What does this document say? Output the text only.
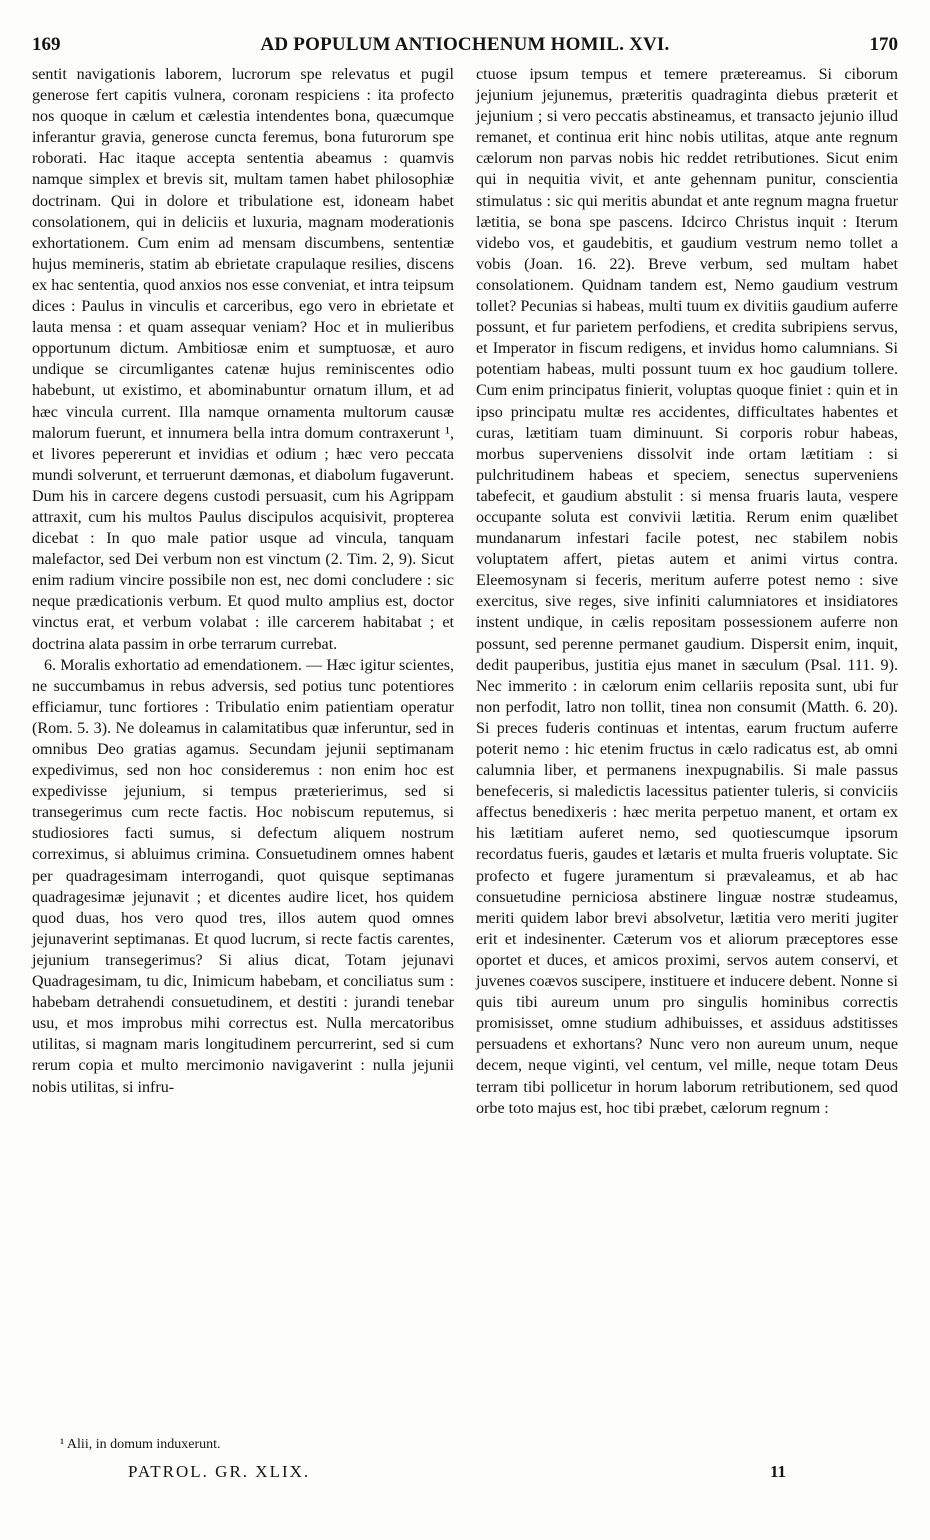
169	AD POPULUM ANTIOCHENUM HOMIL. XVI.	170

sentit navigationis laborem, lucrorum spe relevatus et pugil generose fert capitis vulnera, coronam respiciens : ita profecto nos quoque in cælum et cælestia intendentes bona, quæcumque inferantur gravia, generose cuncta feremus, bona futurorum spe roborati. Hac itaque accepta sententia abeamus : quamvis namque simplex et brevis sit, multam tamen habet philosophiæ doctrinam. Qui in dolore et tribulatione est, idoneam habet consolationem, qui in deliciis et luxuria, magnam moderationis exhortationem. Cum enim ad mensam discumbens, sententiæ hujus memineris, statim ab ebrietate crapulaque resilies, discens ex hac sententia, quod anxios nos esse conveniat, et intra teipsum dices : Paulus in vinculis et carceribus, ego vero in ebrietate et lauta mensa : et quam assequar veniam? Hoc et in mulieribus opportunum dictum. Ambitiosæ enim et sumptuosæ, et auro undique se circumligantes catenæ hujus reminiscentes odio habebunt, ut existimo, et abominabuntur ornatum illum, et ad hæc vincula current. Illa namque ornamenta multorum causæ malorum fuerunt, et innumera bella intra domum contraxerunt ¹, et livores pepererunt et invidias et odium ; hæc vero peccata mundi solverunt, et terruerunt dæmonas, et diabolum fugaverunt. Dum his in carcere degens custodi persuasit, cum his Agrippam attraxit, cum his multos Paulus discipulos acquisivit, propterea dicebat : In quo male patior usque ad vincula, tanquam malefactor, sed Dei verbum non est vinctum (2. Tim. 2, 9). Sicut enim radium vincire possibile non est, nec domi concludere : sic neque prædicationis verbum. Et quod multo amplius est, doctor vinctus erat, et verbum volabat : ille carcerem habitabat ; et doctrina alata passim in orbe terrarum currebat.

6. Moralis exhortatio ad emendationem. — Hæc igitur scientes, ne succumbamus in rebus adversis, sed potius tunc potentiores efficiamur, tunc fortiores : Tribulatio enim patientiam operatur (Rom. 5. 3). Ne doleamus in calamitatibus quæ inferuntur, sed in omnibus Deo gratias agamus. Secundam jejunii septimanam expedivimus, sed non hoc consideremus : non enim hoc est expedivisse jejunium, si tempus præterierimus, sed si transegerimus cum recte factis. Hoc nobiscum reputemus, si studiosiores facti sumus, si defectum aliquem nostrum correximus, si abluimus crimina. Consuetudinem omnes habent per quadragesimam interrogandi, quot quisque septimanas quadragesimæ jejunavit ; et dicentes audire licet, hos quidem quod duas, hos vero quod tres, illos autem quod omnes jejunaverint septimanas. Et quod lucrum, si recte factis carentes, jejunium transegerimus? Si alius dicat, Totam jejunavi Quadragesimam, tu dic, Inimicum habebam, et conciliatus sum : habebam detrahendi consuetudinem, et destiti : jurandi tenebar usu, et mos improbus mihi correctus est. Nulla mercatoribus utilitas, si magnam maris longitudinem percurrerint, sed si cum rerum copia et multo mercimonio navigaverint : nulla jejunii nobis utilitas, si infru-

ctuose ipsum tempus et temere prætereamus. Si ciborum jejunium jejunemus, præteritis quadraginta diebus præterit et jejunium ; si vero peccatis abstineamus, et transacto jejunio illud remanet, et continua erit hinc nobis utilitas, atque ante regnum cælorum non parvas nobis hic reddet retributiones. Sicut enim qui in nequitia vivit, et ante gehennam punitur, conscientia stimulatus : sic qui meritis abundat et ante regnum magna fruetur lætitia, se bona spe pascens. Idcirco Christus inquit : Iterum videbo vos, et gaudebitis, et gaudium vestrum nemo tollet a vobis (Joan. 16. 22). Breve verbum, sed multam habet consolationem. Quidnam tandem est, Nemo gaudium vestrum tollet? Pecunias si habeas, multi tuum ex divitiis gaudium auferre possunt, et fur parietem perfodiens, et credita subripiens servus, et Imperator in fiscum redigens, et invidus homo calumnians. Si potentiam habeas, multi possunt tuum ex hoc gaudium tollere. Cum enim principatus finierit, voluptas quoque finiet : quin et in ipso principatu multæ res accidentes, difficultates habentes et curas, lætitiam tuam diminuunt. Si corporis robur habeas, morbus superveniens dissolvit inde ortam lætitiam : si pulchritudinem habeas et speciem, senectus superveniens tabefecit, et gaudium abstulit : si mensa fruaris lauta, vespere occupante soluta est convivii lætitia. Rerum enim quælibet mundanarum infestari facile potest, nec stabilem nobis voluptatem affert, pietas autem et animi virtus contra. Eleemosynam si feceris, meritum auferre potest nemo : sive exercitus, sive reges, sive infiniti calumniatores et insidiatores instent undique, in cælis repositam possessionem auferre non possunt, sed perenne permanet gaudium. Dispersit enim, inquit, dedit pauperibus, justitia ejus manet in sæculum (Psal. 111. 9). Nec immerito : in cælorum enim cellariis reposita sunt, ubi fur non perfodit, latro non tollit, tinea non consumit (Matth. 6. 20). Si preces fuderis continuas et intentas, earum fructum auferre poterit nemo : hic etenim fructus in cælo radicatus est, ab omni calumnia liber, et permanens inexpugnabilis. Si male passus benefeceris, si maledictis lacessitus patienter tuleris, si conviciis affectus benedixeris : hæc merita perpetuo manent, et ortam ex his lætitiam auferet nemo, sed quotiescumque ipsorum recordatus fueris, gaudes et lætaris et multa frueris voluptate. Sic profecto et fugere juramentum si prævaleamus, et ab hac consuetudine perniciosa abstinere linguæ nostræ studeamus, meriti quidem labor brevi absolvetur, lætitia vero meriti jugiter erit et indesinenter. Cæterum vos et aliorum præceptores esse oportet et duces, et amicos proximi, servos autem conservi, et juvenes coævos suscipere, instituere et inducere debent. Nonne si quis tibi aureum unum pro singulis hominibus correctis promisisset, omne studium adhibuisses, et assiduus adstitisses persuadens et exhortans? Nunc vero non aureum unum, neque decem, neque viginti, vel centum, vel mille, neque totam Deus terram tibi pollicetur in horum laborum retributionem, sed quod orbe toto majus est, hoc tibi præbet, cælorum regnum :

¹ Alii, in domum induxerunt.
PATROL. GR. XLIX.	11
